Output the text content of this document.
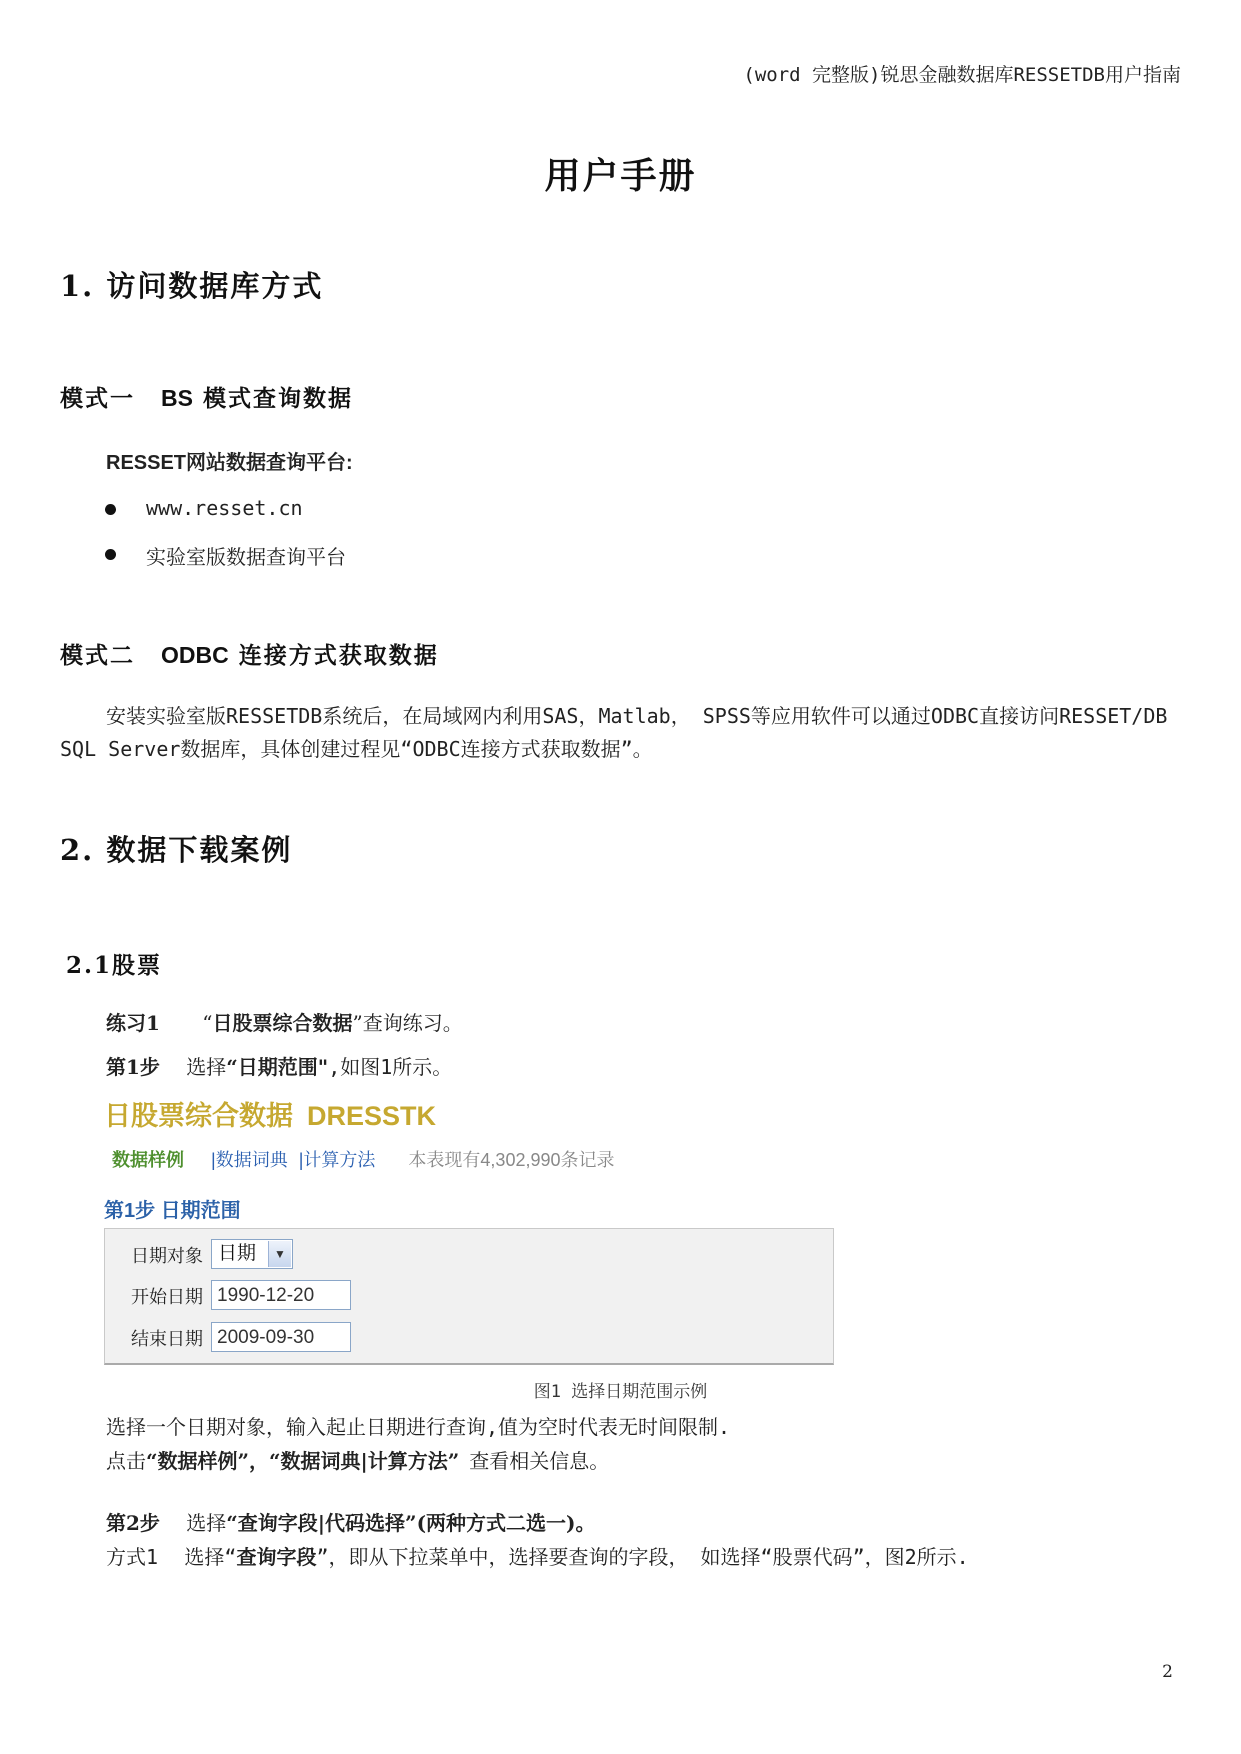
(word 完整版)锐思金融数据库RESSETDB用户指南
用户手册
1. 访问数据库方式
模式一 BS 模式查询数据
RESSET网站数据查询平台:
www.resset.cn
实验室版数据查询平台
模式二 ODBC 连接方式获取数据
安装实验室版RESSETDB系统后，在局域网内利用SAS，Matlab， SPSS等应用软件可以通过ODBC直接访问RESSET/DB SQL Server数据库，具体创建过程见“ODBC连接方式获取数据”。
2. 数据下载案例
2.1股票
练习1 “日股票综合数据”查询练习。
第1步 选择“日期范围",如图1所示。
日股票综合数据 DRESSTK
数据样例 |数据词典 |计算方法 本表现有4,302,990条记录
第1步 日期范围
日期对象 日期	▼
开始日期 1990-12-20
结束日期 2009-09-30
图1 选择日期范围示例
选择一个日期对象，输入起止日期进行查询,值为空时代表无时间限制.
点击“数据样例”，“数据词典|计算方法” 查看相关信息。
第2步 选择“查询字段|代码选择”(两种方式二选一)。
方式1 选择“查询字段”，即从下拉菜单中，选择要查询的字段， 如选择“股票代码”，图2所示.
2
